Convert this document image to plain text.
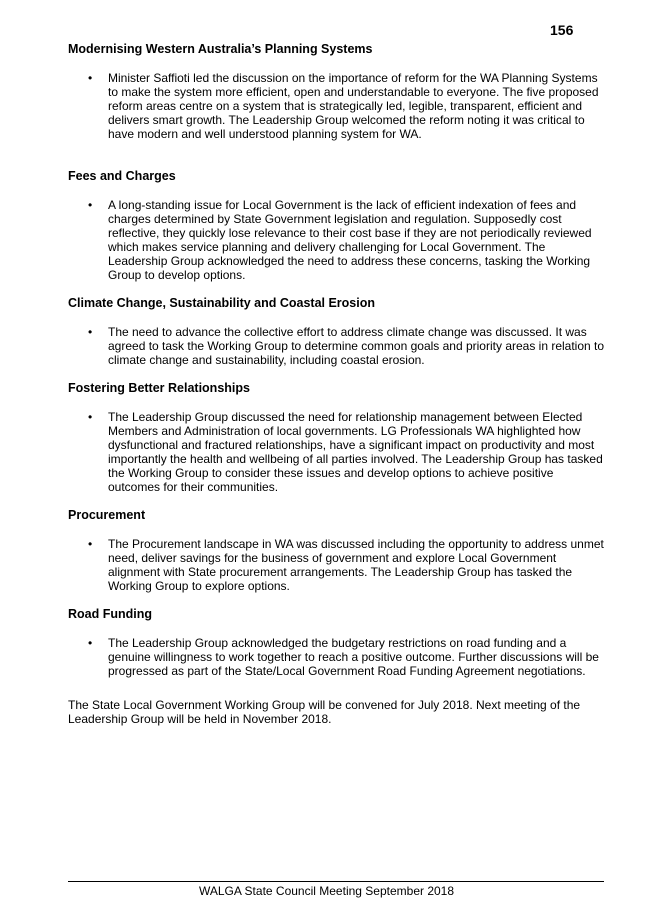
156
Modernising Western Australia’s Planning Systems
• Minister Saffioti led the discussion on the importance of reform for the WA Planning Systems to make the system more efficient, open and understandable to everyone. The five proposed reform areas centre on a system that is strategically led, legible, transparent, efficient and delivers smart growth. The Leadership Group welcomed the reform noting it was critical to have modern and well understood planning system for WA.
Fees and Charges
• A long-standing issue for Local Government is the lack of efficient indexation of fees and charges determined by State Government legislation and regulation. Supposedly cost reflective, they quickly lose relevance to their cost base if they are not periodically reviewed which makes service planning and delivery challenging for Local Government. The Leadership Group acknowledged the need to address these concerns, tasking the Working Group to develop options.
Climate Change, Sustainability and Coastal Erosion
• The need to advance the collective effort to address climate change was discussed. It was agreed to task the Working Group to determine common goals and priority areas in relation to climate change and sustainability, including coastal erosion.
Fostering Better Relationships
• The Leadership Group discussed the need for relationship management between Elected Members and Administration of local governments. LG Professionals WA highlighted how dysfunctional and fractured relationships, have a significant impact on productivity and most importantly the health and wellbeing of all parties involved. The Leadership Group has tasked the Working Group to consider these issues and develop options to achieve positive outcomes for their communities.
Procurement
• The Procurement landscape in WA was discussed including the opportunity to address unmet need, deliver savings for the business of government and explore Local Government alignment with State procurement arrangements. The Leadership Group has tasked the Working Group to explore options.
Road Funding
• The Leadership Group acknowledged the budgetary restrictions on road funding and a genuine willingness to work together to reach a positive outcome. Further discussions will be progressed as part of the State/Local Government Road Funding Agreement negotiations.

The State Local Government Working Group will be convened for July 2018. Next meeting of the Leadership Group will be held in November 2018.

WALGA State Council Meeting September 2018
